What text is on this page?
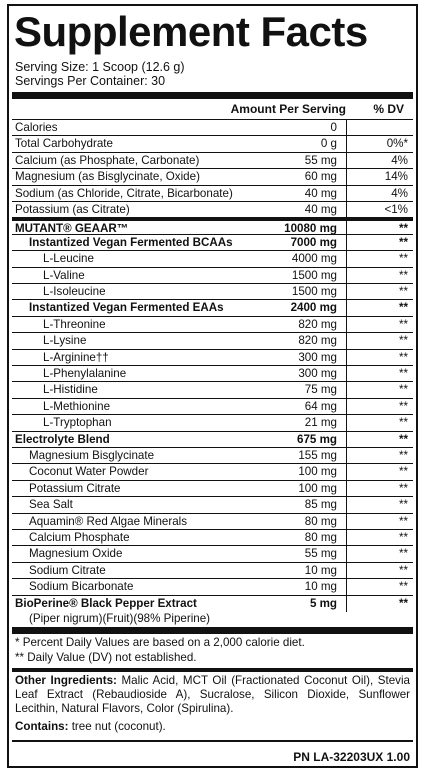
Supplement Facts
Serving Size: 1 Scoop (12.6 g)
Servings Per Container: 30
Amount Per Serving % DV
Calories	0
Total Carbohydrate	0 g	0%*
Calcium (as Phosphate, Carbonate)	55 mg	4%
Magnesium (as Bisglycinate, Oxide)	60 mg	14%
Sodium (as Chloride, Citrate, Bicarbonate)	40 mg	4%
Potassium (as Citrate)	40 mg	<1%
MUTANT® GEAAR™	10080 mg	**
Instantized Vegan Fermented BCAAs	7000 mg	**
L-Leucine	4000 mg	**
L-Valine	1500 mg	**
L-Isoleucine	1500 mg	**
Instantized Vegan Fermented EAAs	2400 mg	**
L-Threonine	820 mg	**
L-Lysine	820 mg	**
L-Arginine††	300 mg	**
L-Phenylalanine	300 mg	**
L-Histidine	75 mg	**
L-Methionine	64 mg	**
L-Tryptophan	21 mg	**
Electrolyte Blend	675 mg	**
Magnesium Bisglycinate	155 mg	**
Coconut Water Powder	100 mg	**
Potassium Citrate	100 mg	**
Sea Salt	85 mg	**
Aquamin® Red Algae Minerals	80 mg	**
Calcium Phosphate	80 mg	**
Magnesium Oxide	55 mg	**
Sodium Citrate	10 mg	**
Sodium Bicarbonate	10 mg	**
BioPerine® Black Pepper Extract	5 mg	**
(Piper nigrum)(Fruit)(98% Piperine)
* Percent Daily Values are based on a 2,000 calorie diet.
** Daily Value (DV) not established.
Other Ingredients: Malic Acid, MCT Oil (Fractionated Coconut Oil), Stevia Leaf Extract (Rebaudioside A), Sucralose, Silicon Dioxide, Sunflower Lecithin, Natural Flavors, Color (Spirulina).
Contains: tree nut (coconut).
PN LA-32203UX 1.00
